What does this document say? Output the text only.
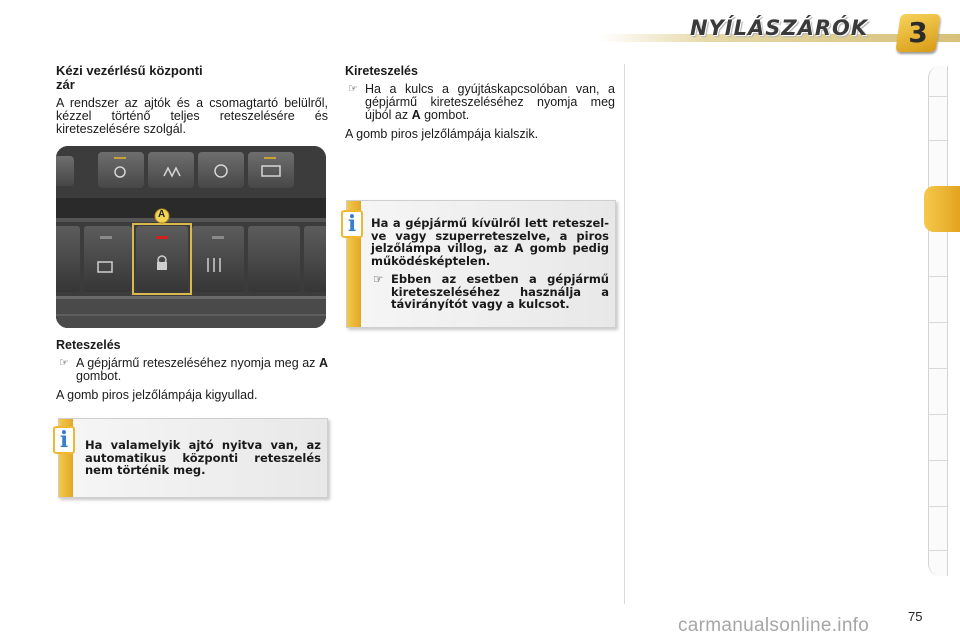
NYÍLÁSZÁRÓK	3
Kézi vezérlésű központi
zár

A rendszer az ajtók és a csomagtartó belülről, kézzel történő teljes reteszelésére és kireteszelésére szolgál.

A
Reteszelés
☞ A gépjármű reteszeléséhez nyomja meg az A gombot.

A gomb piros jelzőlámpája kigyullad.

Ha valamelyik ajtó nyitva van, az automatikus központi reteszelés nem történik meg.
i
Kireteszelés
☞ Ha a kulcs a gyújtáskapcsolóban van, a gépjármű kireteszeléséhez nyomja meg újból az A gombot.

A gomb piros jelzőlámpája kialszik.

Ha a gépjármű kívülről lett reteszelve vagy szuperreteszelve, a piros jelzőlámpa villog, az A gomb pedig működésképtelen.
☞ Ebben az esetben a gépjármű kireteszeléséhez használja a távirányítót vagy a kulcsot.
i
75
carmanualsonline.info
